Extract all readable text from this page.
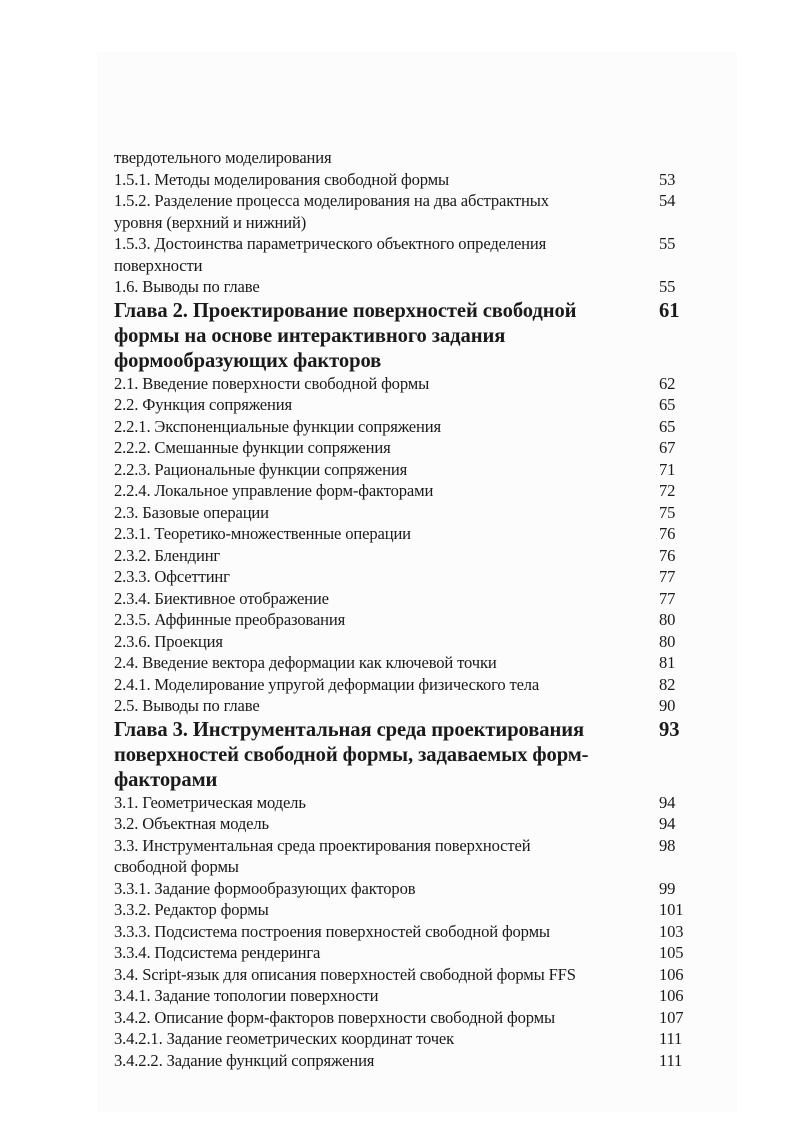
твердотельного моделирования
1.5.1. Методы моделирования свободной формы	53
1.5.2. Разделение процесса моделирования на два абстрактных	54
уровня (верхний и нижний)
1.5.3. Достоинства параметрического объектного определения	55
поверхности
1.6. Выводы по главе	55
Глава 2. Проектирование поверхностей свободной	61
формы на основе интерактивного задания
формообразующих факторов
2.1. Введение поверхности свободной формы	62
2.2. Функция сопряжения	65
2.2.1. Экспоненциальные функции сопряжения	65
2.2.2. Смешанные функции сопряжения	67
2.2.3. Рациональные функции сопряжения	71
2.2.4. Локальное управление форм-факторами	72
2.3. Базовые операции	75
2.3.1. Теоретико-множественные операции	76
2.3.2. Блендинг	76
2.3.3. Офсеттинг	77
2.3.4. Биективное отображение	77
2.3.5. Аффинные преобразования	80
2.3.6. Проекция	80
2.4. Введение вектора деформации как ключевой точки	81
2.4.1. Моделирование упругой деформации физического тела	82
2.5. Выводы по главе	90
Глава 3. Инструментальная среда проектирования	93
поверхностей свободной формы, задаваемых форм-
факторами
3.1. Геометрическая модель	94
3.2. Объектная модель	94
3.3. Инструментальная среда проектирования поверхностей	98
свободной формы
3.3.1. Задание формообразующих факторов	99
3.3.2. Редактор формы	101
3.3.3. Подсистема построения поверхностей свободной формы	103
3.3.4. Подсистема рендеринга	105
3.4. Script-язык для описания поверхностей свободной формы FFS	106
3.4.1. Задание топологии поверхности	106
3.4.2. Описание форм-факторов поверхности свободной формы	107
3.4.2.1. Задание геометрических координат точек	111
3.4.2.2. Задание функций сопряжения	111
